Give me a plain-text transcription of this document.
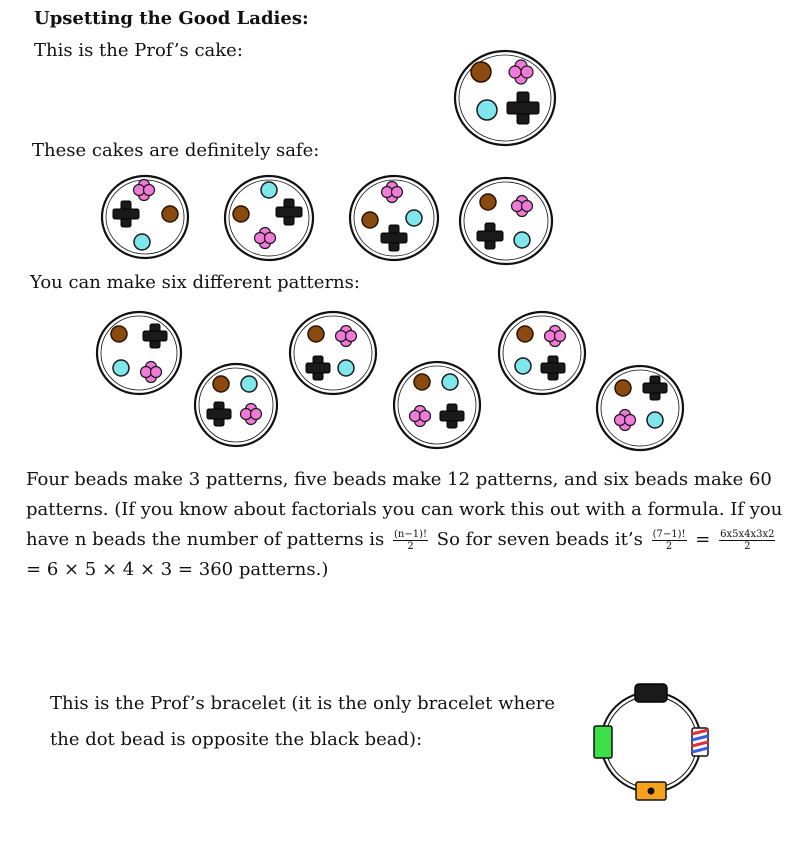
Upsetting the Good Ladies:
This is the Prof’s cake:
These cakes are definitely safe:
You can make six different patterns:
Four beads make 3 patterns, five beads make 12 patterns, and six beads make 60 patterns. (If you know about factorials you can work this out with a formula. If you have n beads the number of patterns is $\frac{(n-1)!}{2}$ So for seven beads it’s $\frac{(7-1)!}{2} = \frac{6x5x4x3x2}{2}$
= 6 × 5 × 4 × 3 = 360 patterns.)
This is the Prof’s bracelet (it is the only bracelet where
the dot bead is opposite the black bead):
